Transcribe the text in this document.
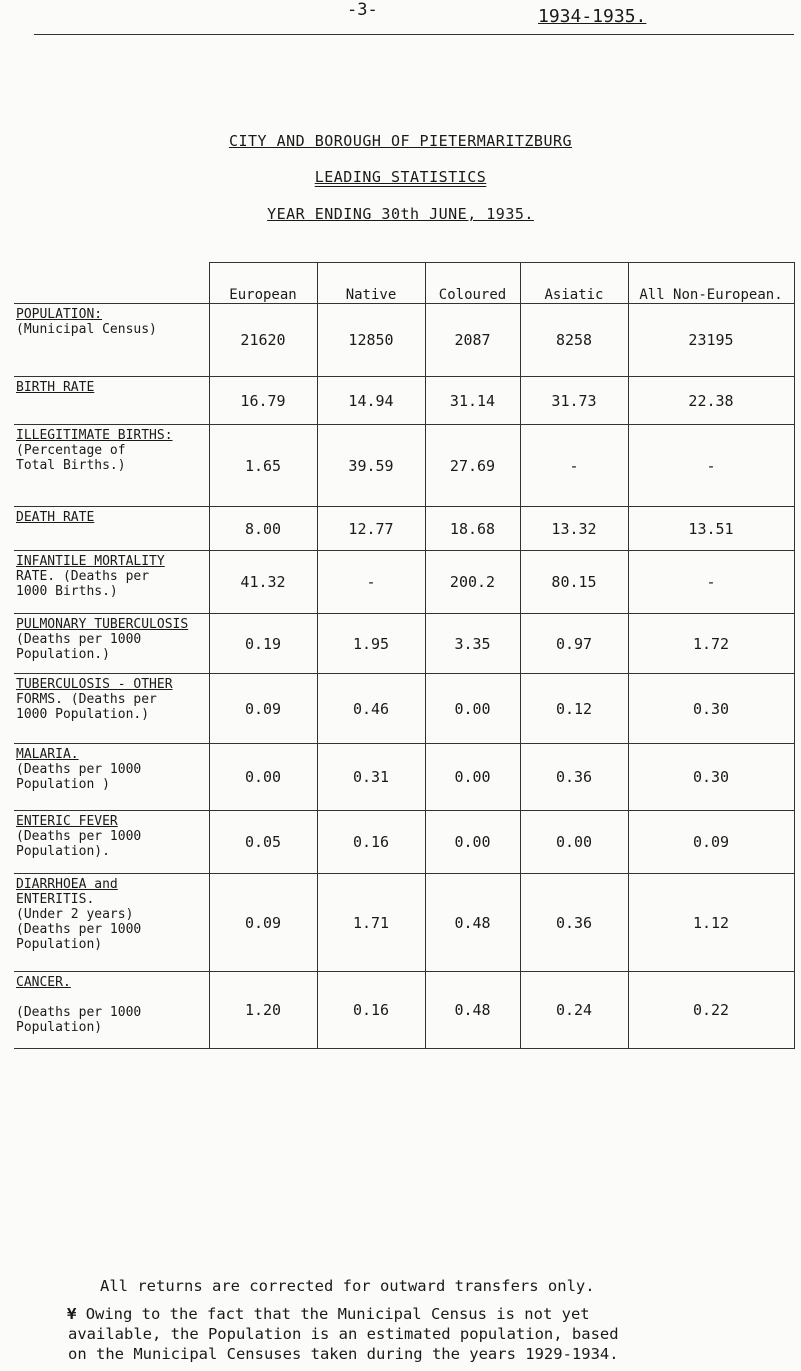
-3-	1934-1935.
CITY AND BOROUGH OF PIETERMARITZBURG
LEADING STATISTICS
YEAR ENDING 30th JUNE, 1935.
	European	Native	Coloured	Asiatic	All Non-European.	

POPULATION:
(Municipal Census)	21620	12850	2087	8258	23195	

BIRTH RATE	16.79	14.94	31.14	31.73	22.38	

ILLEGITIMATE BIRTHS:
(Percentage of
Total Births.)	1.65	39.59	27.69	-	-	

DEATH RATE	8.00	12.77	18.68	13.32	13.51	

INFANTILE MORTALITY
RATE. (Deaths per
1000 Births.)	41.32	-	200.2	80.15	-	

PULMONARY TUBERCULOSIS
(Deaths per 1000
Population.)	0.19	1.95	3.35	0.97	1.72	

TUBERCULOSIS - OTHER
FORMS. (Deaths per
1000 Population.)	0.09	0.46	0.00	0.12	0.30	

MALARIA.
(Deaths per 1000
Population )	0.00	0.31	0.00	0.36	0.30	

ENTERIC FEVER
(Deaths per 1000
Population).	0.05	0.16	0.00	0.00	0.09	

DIARRHOEA and
ENTERITIS.
(Under 2 years)
(Deaths per 1000
Population)	0.09	1.71	0.48	0.36	1.12	

CANCER.

(Deaths per 1000
Population)	1.20	0.16	0.48	0.24	0.22	
All returns are corrected for outward transfers only.
¥ Owing to the fact that the Municipal Census is not yet
available, the Population is an estimated population, based
on the Municipal Censuses taken during the years 1929-1934.
